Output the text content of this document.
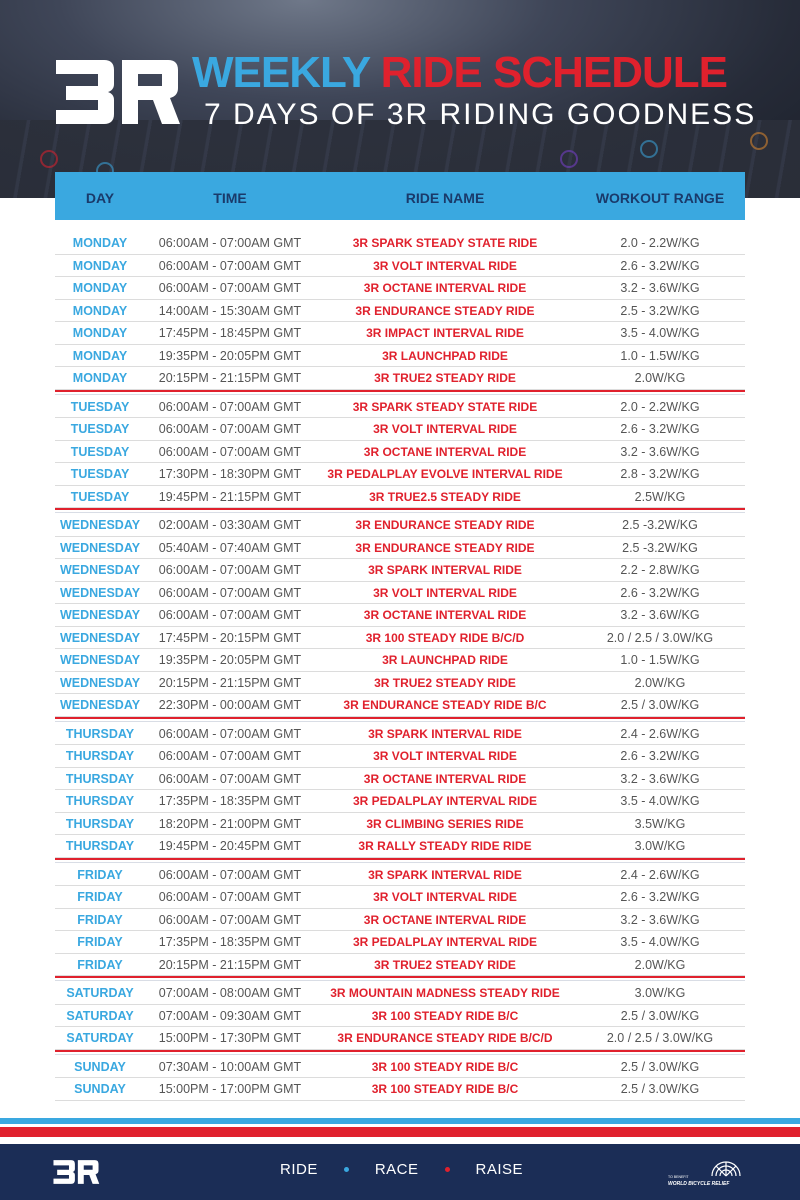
WEEKLY RIDE SCHEDULE
7 DAYS OF 3R RIDING GOODNESS
DAY	TIME	RIDE NAME	WORKOUT RANGE
MONDAY	06:00AM - 07:00AM GMT	3R SPARK STEADY STATE RIDE	2.0 - 2.2W/KG
MONDAY	06:00AM - 07:00AM GMT	3R VOLT INTERVAL RIDE	2.6 - 3.2W/KG
MONDAY	06:00AM - 07:00AM GMT	3R OCTANE INTERVAL RIDE	3.2 - 3.6W/KG
MONDAY	14:00AM - 15:30AM GMT	3R ENDURANCE STEADY RIDE	2.5 - 3.2W/KG
MONDAY	17:45PM - 18:45PM GMT	3R IMPACT INTERVAL RIDE	3.5 - 4.0W/KG
MONDAY	19:35PM - 20:05PM GMT	3R LAUNCHPAD RIDE	1.0 - 1.5W/KG
MONDAY	20:15PM - 21:15PM GMT	3R TRUE2 STEADY RIDE	2.0W/KG
TUESDAY	06:00AM - 07:00AM GMT	3R SPARK STEADY STATE RIDE	2.0 - 2.2W/KG
TUESDAY	06:00AM - 07:00AM GMT	3R VOLT INTERVAL RIDE	2.6 - 3.2W/KG
TUESDAY	06:00AM - 07:00AM GMT	3R OCTANE INTERVAL RIDE	3.2 - 3.6W/KG
TUESDAY	17:30PM - 18:30PM GMT	3R PEDALPLAY EVOLVE INTERVAL RIDE	2.8 - 3.2W/KG
TUESDAY	19:45PM - 21:15PM GMT	3R TRUE2.5 STEADY RIDE	2.5W/KG
WEDNESDAY	02:00AM - 03:30AM GMT	3R ENDURANCE STEADY RIDE	2.5 -3.2W/KG
WEDNESDAY	05:40AM - 07:40AM GMT	3R ENDURANCE STEADY RIDE	2.5 -3.2W/KG
WEDNESDAY	06:00AM - 07:00AM GMT	3R SPARK INTERVAL RIDE	2.2 - 2.8W/KG
WEDNESDAY	06:00AM - 07:00AM GMT	3R VOLT INTERVAL RIDE	2.6 - 3.2W/KG
WEDNESDAY	06:00AM - 07:00AM GMT	3R OCTANE INTERVAL RIDE	3.2 - 3.6W/KG
WEDNESDAY	17:45PM - 20:15PM GMT	3R 100 STEADY RIDE B/C/D	2.0 / 2.5 / 3.0W/KG
WEDNESDAY	19:35PM - 20:05PM GMT	3R LAUNCHPAD RIDE	1.0 - 1.5W/KG
WEDNESDAY	20:15PM - 21:15PM GMT	3R TRUE2 STEADY RIDE	2.0W/KG
WEDNESDAY	22:30PM - 00:00AM GMT	3R ENDURANCE STEADY RIDE B/C	2.5 / 3.0W/KG
THURSDAY	06:00AM - 07:00AM GMT	3R SPARK INTERVAL RIDE	2.4 - 2.6W/KG
THURSDAY	06:00AM - 07:00AM GMT	3R VOLT INTERVAL RIDE	2.6 - 3.2W/KG
THURSDAY	06:00AM - 07:00AM GMT	3R OCTANE INTERVAL RIDE	3.2 - 3.6W/KG
THURSDAY	17:35PM - 18:35PM GMT	3R PEDALPLAY INTERVAL RIDE	3.5 - 4.0W/KG
THURSDAY	18:20PM - 21:00PM GMT	3R CLIMBING SERIES RIDE	3.5W/KG
THURSDAY	19:45PM - 20:45PM GMT	3R RALLY STEADY RIDE RIDE	3.0W/KG
FRIDAY	06:00AM - 07:00AM GMT	3R SPARK INTERVAL RIDE	2.4 - 2.6W/KG
FRIDAY	06:00AM - 07:00AM GMT	3R VOLT INTERVAL RIDE	2.6 - 3.2W/KG
FRIDAY	06:00AM - 07:00AM GMT	3R OCTANE INTERVAL RIDE	3.2 - 3.6W/KG
FRIDAY	17:35PM - 18:35PM GMT	3R PEDALPLAY INTERVAL RIDE	3.5 - 4.0W/KG
FRIDAY	20:15PM - 21:15PM GMT	3R TRUE2 STEADY RIDE	2.0W/KG
SATURDAY	07:00AM - 08:00AM GMT	3R MOUNTAIN MADNESS STEADY RIDE	3.0W/KG
SATURDAY	07:00AM - 09:30AM GMT	3R 100 STEADY RIDE B/C	2.5 / 3.0W/KG
SATURDAY	15:00PM - 17:30PM GMT	3R ENDURANCE STEADY RIDE B/C/D	2.0 / 2.5 / 3.0W/KG
SUNDAY	07:30AM - 10:00AM GMT	3R 100 STEADY RIDE B/C	2.5 / 3.0W/KG
SUNDAY	15:00PM - 17:00PM GMT	3R 100 STEADY RIDE B/C	2.5 / 3.0W/KG
RIDE	RACE	RAISE	TO BENEFIT
WORLD BICYCLE RELIEF
